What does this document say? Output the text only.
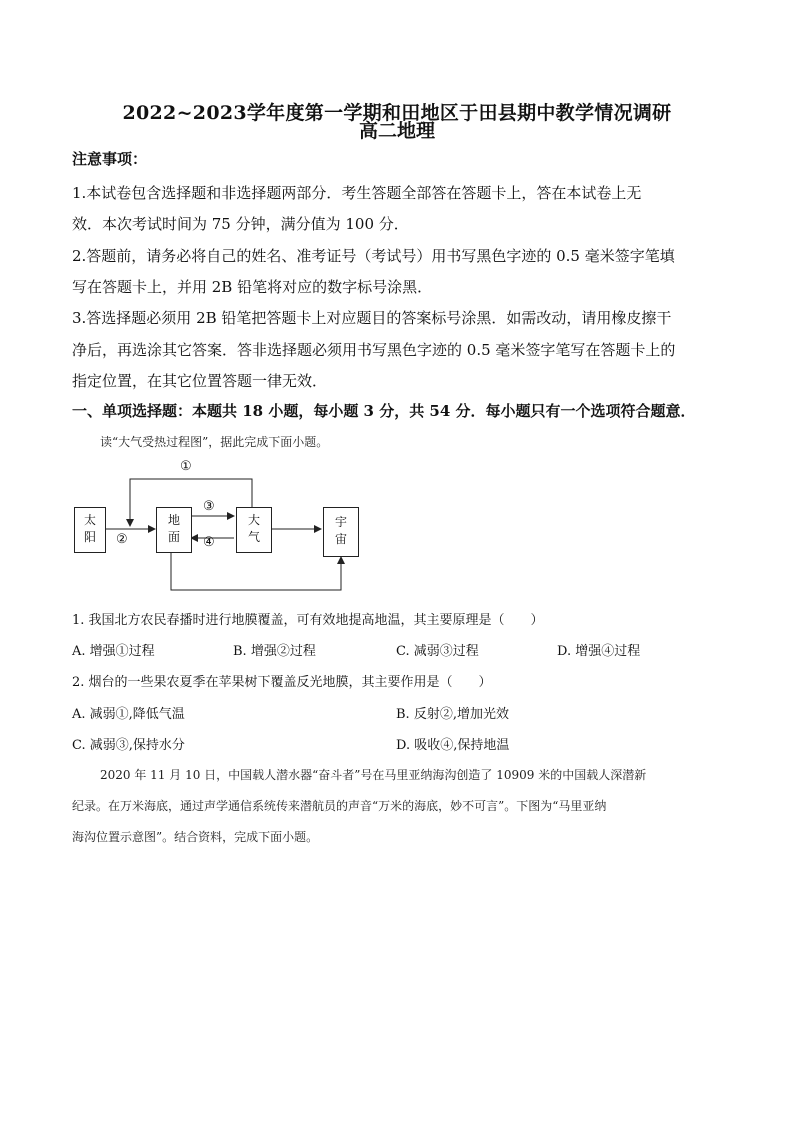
2022~2023学年度第一学期和田地区于田县期中教学情况调研
高二地理
注意事项：
1.本试卷包含选择题和非选择题两部分．考生答题全部答在答题卡上，答在本试卷上无
效．本次考试时间为 75 分钟，满分值为 100 分．
2.答题前，请务必将自己的姓名、准考证号（考试号）用书写黑色字迹的 0.5 毫米签字笔填
写在答题卡上，并用 2B 铅笔将对应的数字标号涂黑．
3.答选择题必须用 2B 铅笔把答题卡上对应题目的答案标号涂黑．如需改动，请用橡皮擦干
净后，再选涂其它答案．答非选择题必须用书写黑色字迹的 0.5 毫米签字笔写在答题卡上的
指定位置，在其它位置答题一律无效．
一、单项选择题：本题共 18 小题，每小题 3 分，共 54 分．每小题只有一个选项符合题意．
读“大气受热过程图”，据此完成下面小题。
太
阳
地
面
大
气
宇
宙
①
②
③
④
1. 我国北方农民春播时进行地膜覆盖，可有效地提高地温，其主要原理是（　　）
A. 增强①过程	B. 增强②过程	C. 减弱③过程	D. 增强④过程
2. 烟台的一些果农夏季在苹果树下覆盖反光地膜，其主要作用是（　　）
A. 减弱①,降低气温	B. 反射②,增加光效
C. 减弱③,保持水分	D. 吸收④,保持地温
2020 年 11 月 10 日，中国载人潜水器“奋斗者”号在马里亚纳海沟创造了 10909 米的中国载人深潜新
纪录。在万米海底，通过声学通信系统传来潜航员的声音“万米的海底，妙不可言”。下图为“马里亚纳
海沟位置示意图”。结合资料，完成下面小题。
